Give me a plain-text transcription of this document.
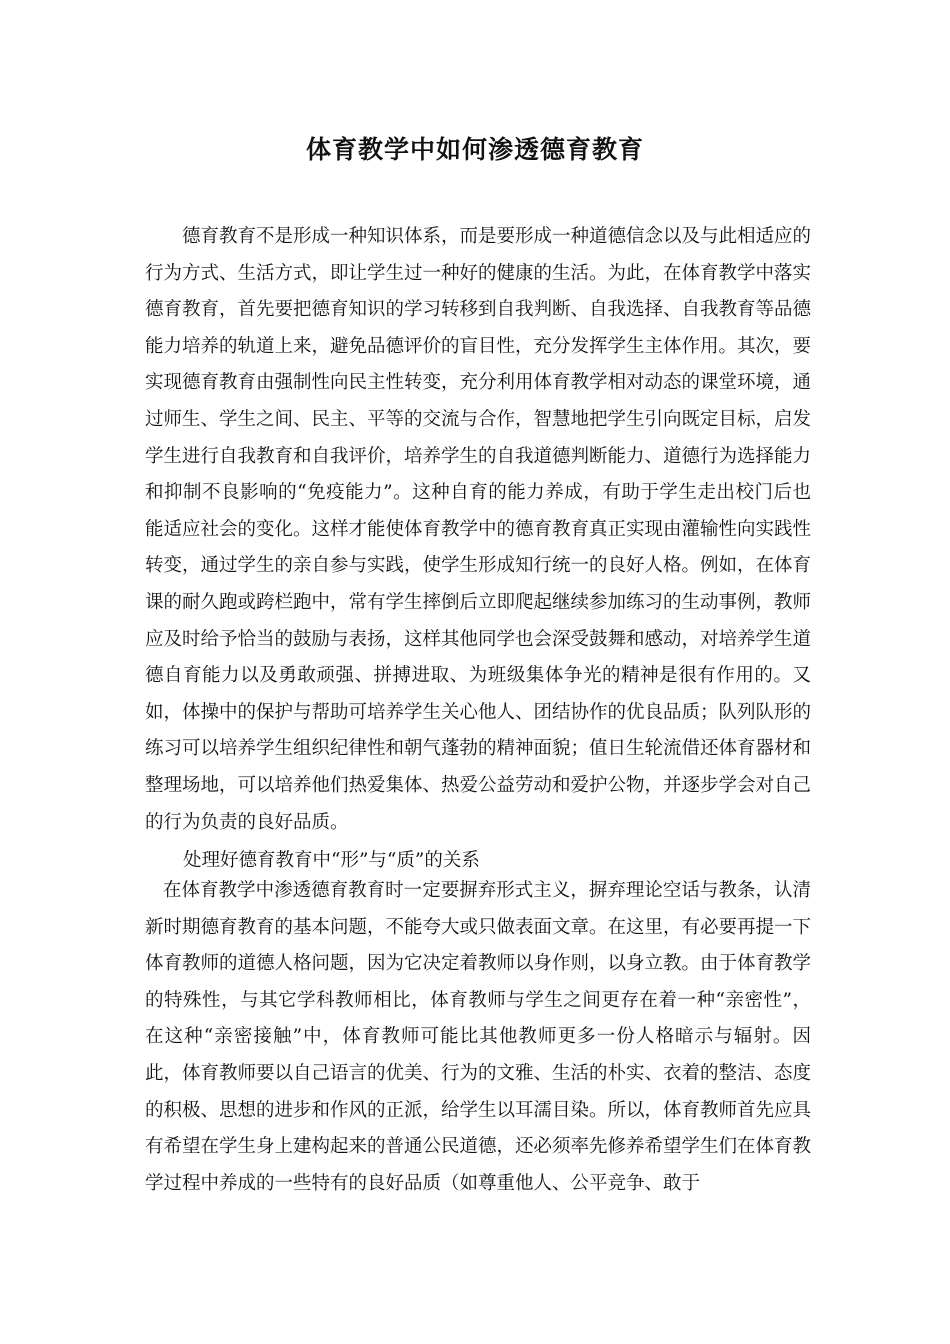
体育教学中如何渗透德育教育

德育教育不是形成一种知识体系，而是要形成一种道德信念以及与此相适应的行为方式、生活方式，即让学生过一种好的健康的生活。为此，在体育教学中落实德育教育，首先要把德育知识的学习转移到自我判断、自我选择、自我教育等品德能力培养的轨道上来，避免品德评价的盲目性，充分发挥学生主体作用。其次，要实现德育教育由强制性向民主性转变，充分利用体育教学相对动态的课堂环境，通过师生、学生之间、民主、平等的交流与合作，智慧地把学生引向既定目标，启发学生进行自我教育和自我评价，培养学生的自我道德判断能力、道德行为选择能力和抑制不良影响的“免疫能力”。这种自育的能力养成，有助于学生走出校门后也能适应社会的变化。这样才能使体育教学中的德育教育真正实现由灌输性向实践性转变，通过学生的亲自参与实践，使学生形成知行统一的良好人格。例如，在体育课的耐久跑或跨栏跑中，常有学生摔倒后立即爬起继续参加练习的生动事例，教师应及时给予恰当的鼓励与表扬，这样其他同学也会深受鼓舞和感动，对培养学生道德自育能力以及勇敢顽强、拼搏进取、为班级集体争光的精神是很有作用的。又如，体操中的保护与帮助可培养学生关心他人、团结协作的优良品质；队列队形的练习可以培养学生组织纪律性和朝气蓬勃的精神面貌；值日生轮流借还体育器材和整理场地，可以培养他们热爱集体、热爱公益劳动和爱护公物，并逐步学会对自己的行为负责的良好品质。

处理好德育教育中“形”与“质”的关系

在体育教学中渗透德育教育时一定要摒弃形式主义，摒弃理论空话与教条，认清新时期德育教育的基本问题，不能夸大或只做表面文章。在这里，有必要再提一下体育教师的道德人格问题，因为它决定着教师以身作则，以身立教。由于体育教学的特殊性，与其它学科教师相比，体育教师与学生之间更存在着一种“亲密性”，在这种“亲密接触”中，体育教师可能比其他教师更多一份人格暗示与辐射。因此，体育教师要以自己语言的优美、行为的文雅、生活的朴实、衣着的整洁、态度的积极、思想的进步和作风的正派，给学生以耳濡目染。所以，体育教师首先应具有希望在学生身上建构起来的普通公民道德，还必须率先修养希望学生们在体育教学过程中养成的一些特有的良好品质（如尊重他人、公平竞争、敢于
